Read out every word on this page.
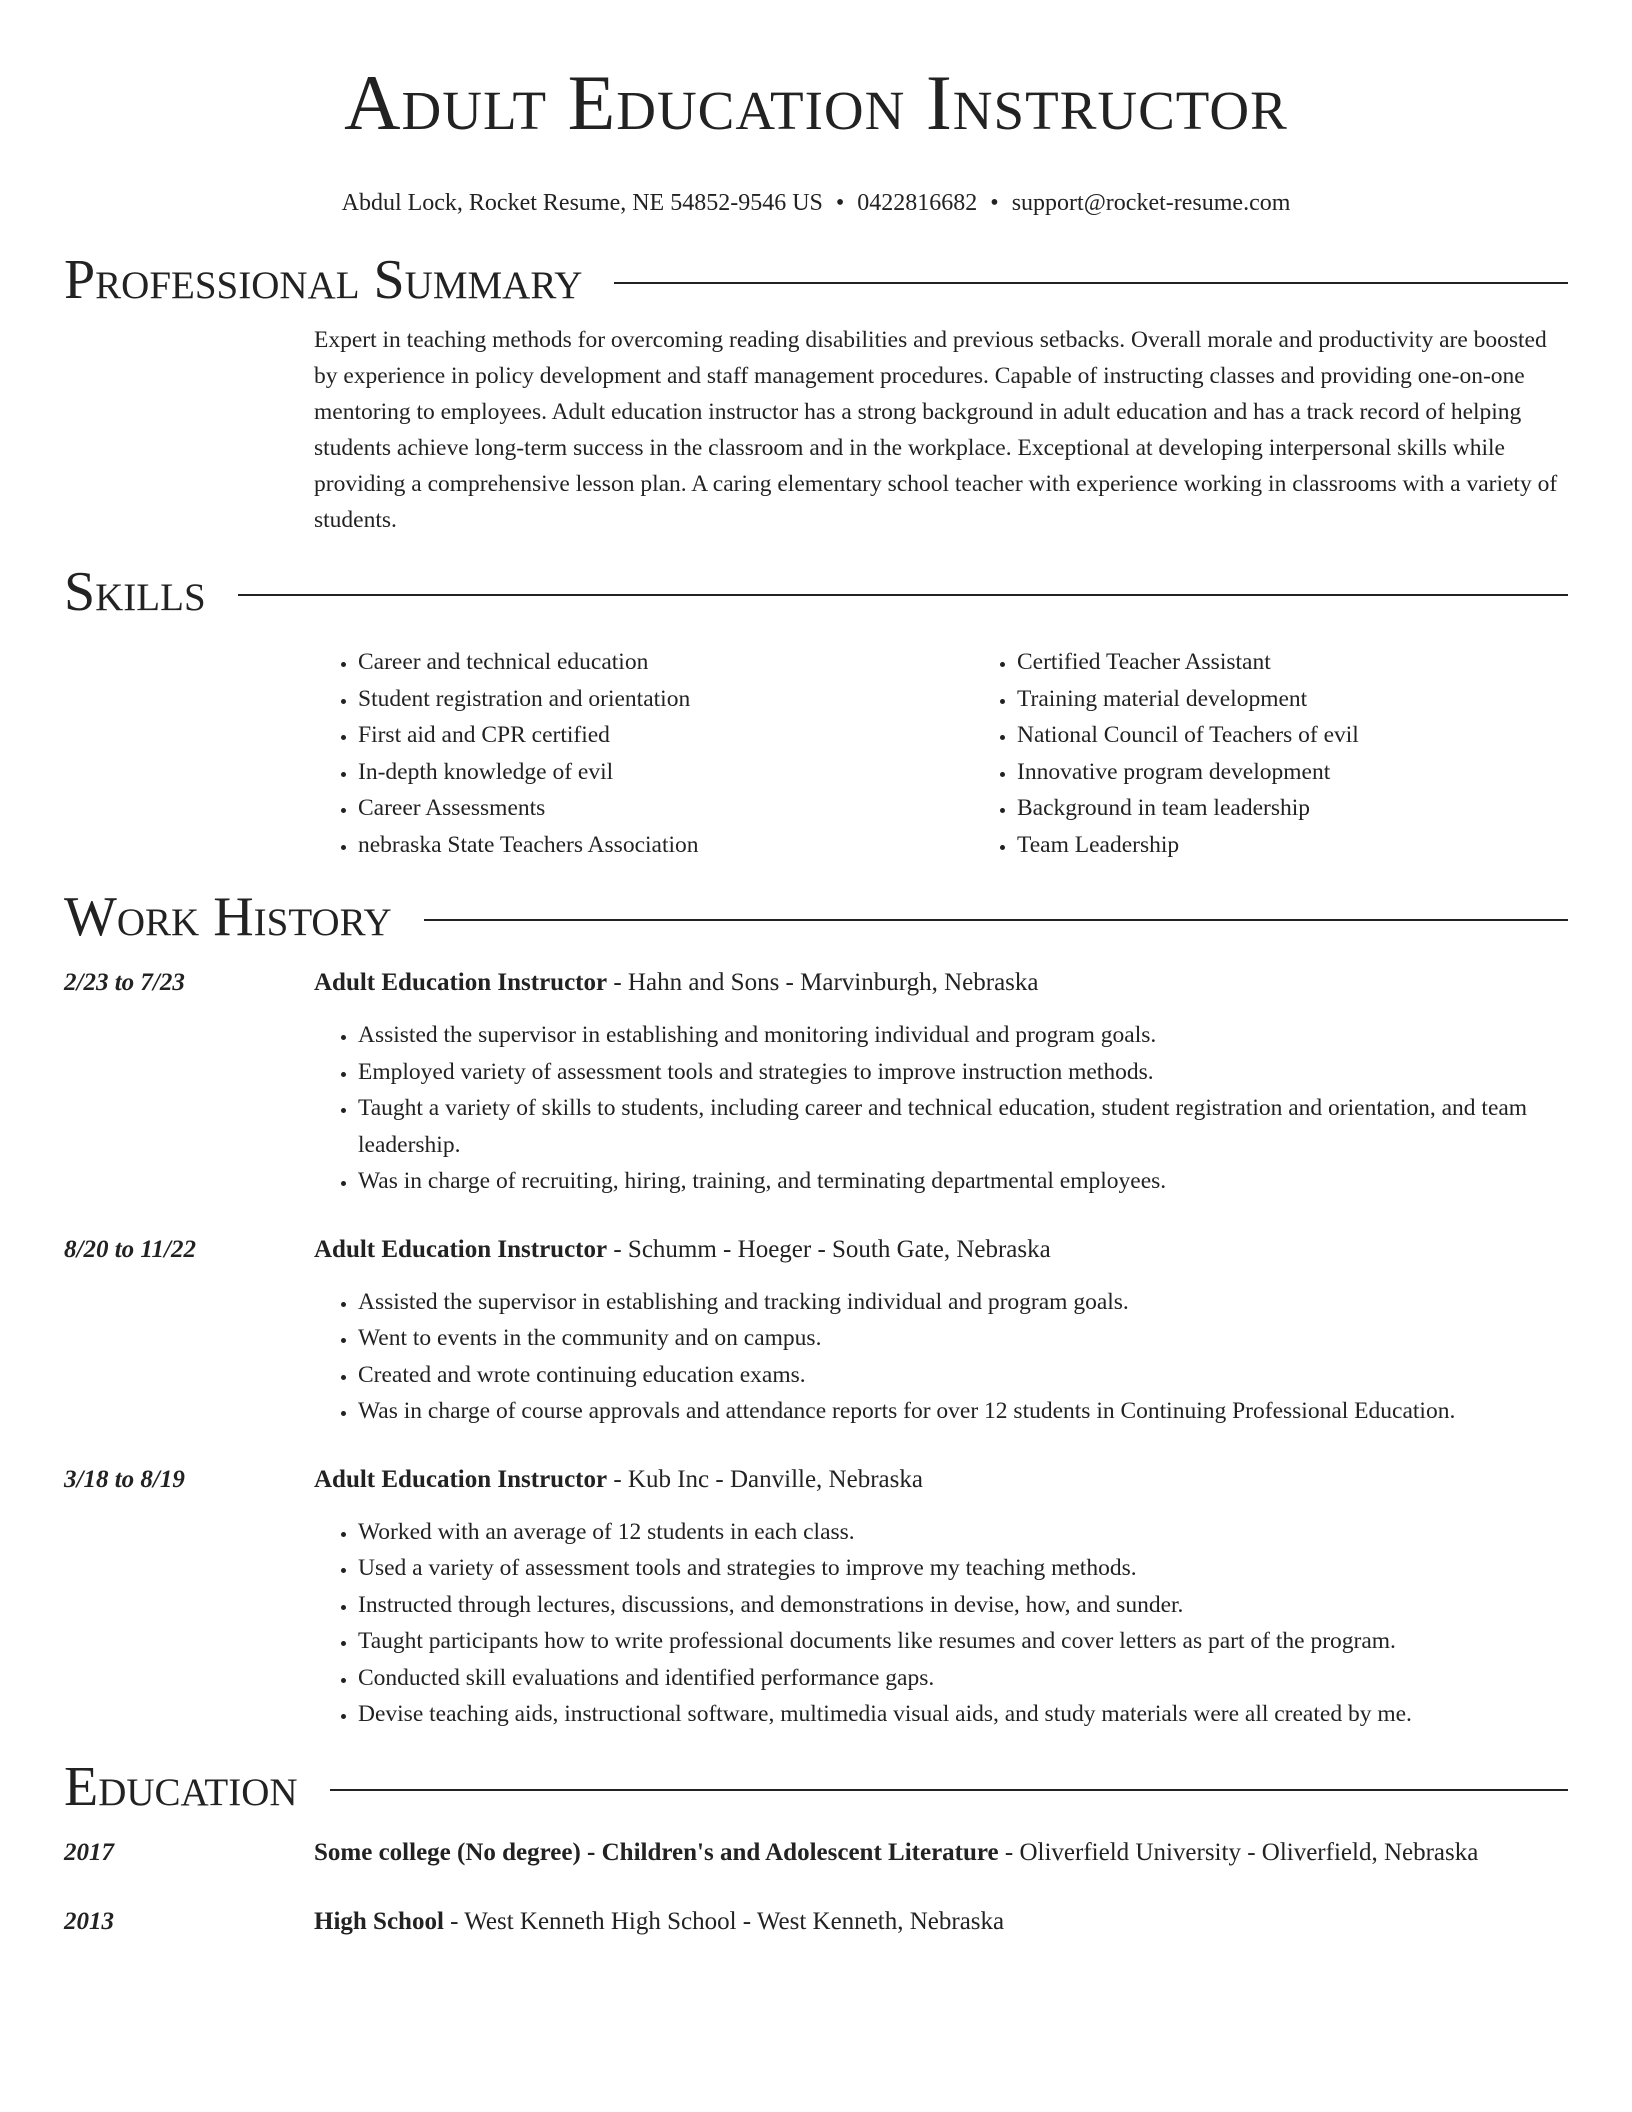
Adult Education Instructor
Abdul Lock, Rocket Resume, NE 54852-9546 US • 0422816682 • support@rocket-resume.com
Professional Summary

Expert in teaching methods for overcoming reading disabilities and previous setbacks. Overall morale and productivity are boosted by experience in policy development and staff management procedures. Capable of instructing classes and providing one-on-one mentoring to employees. Adult education instructor has a strong background in adult education and has a track record of helping students achieve long-term success in the classroom and in the workplace. Exceptional at developing interpersonal skills while providing a comprehensive lesson plan. A caring elementary school teacher with experience working in classrooms with a variety of students.

Skills
• Career and technical education
• Student registration and orientation
• First aid and CPR certified
• In-depth knowledge of evil
• Career Assessments
• nebraska State Teachers Association
• Certified Teacher Assistant
• Training material development
• National Council of Teachers of evil
• Innovative program development
• Background in team leadership
• Team Leadership
Work History
2/23 to 7/23	Adult Education Instructor - Hahn and Sons - Marvinburgh, Nebraska
• Assisted the supervisor in establishing and monitoring individual and program goals.
• Employed variety of assessment tools and strategies to improve instruction methods.
• Taught a variety of skills to students, including career and technical education, student registration and orientation, and team leadership.
• Was in charge of recruiting, hiring, training, and terminating departmental employees.
8/20 to 11/22	Adult Education Instructor - Schumm - Hoeger - South Gate, Nebraska
• Assisted the supervisor in establishing and tracking individual and program goals.
• Went to events in the community and on campus.
• Created and wrote continuing education exams.
• Was in charge of course approvals and attendance reports for over 12 students in Continuing Professional Education.
3/18 to 8/19	Adult Education Instructor - Kub Inc - Danville, Nebraska
• Worked with an average of 12 students in each class.
• Used a variety of assessment tools and strategies to improve my teaching methods.
• Instructed through lectures, discussions, and demonstrations in devise, how, and sunder.
• Taught participants how to write professional documents like resumes and cover letters as part of the program.
• Conducted skill evaluations and identified performance gaps.
• Devise teaching aids, instructional software, multimedia visual aids, and study materials were all created by me.
Education
2017	Some college (No degree) - Children's and Adolescent Literature - Oliverfield University - Oliverfield, Nebraska
2013	High School - West Kenneth High School - West Kenneth, Nebraska
